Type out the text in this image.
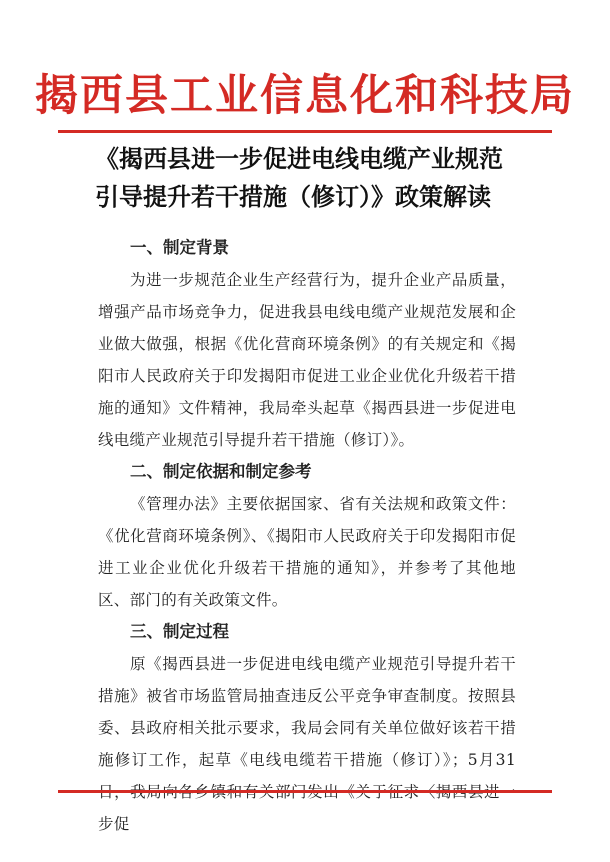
揭西县工业信息化和科技局
《揭西县进一步促进电线电缆产业规范引导提升若干措施（修订）》政策解读
一、制定背景

为进一步规范企业生产经营行为，提升企业产品质量，增强产品市场竞争力，促进我县电线电缆产业规范发展和企业做大做强，根据《优化营商环境条例》的有关规定和《揭阳市人民政府关于印发揭阳市促进工业企业优化升级若干措施的通知》文件精神，我局牵头起草《揭西县进一步促进电线电缆产业规范引导提升若干措施（修订）》。

二、制定依据和制定参考

《管理办法》主要依据国家、省有关法规和政策文件：《优化营商环境条例》、《揭阳市人民政府关于印发揭阳市促进工业企业优化升级若干措施的通知》，并参考了其他地区、部门的有关政策文件。

三、制定过程

原《揭西县进一步促进电线电缆产业规范引导提升若干措施》被省市场监管局抽查违反公平竞争审查制度。按照县委、县政府相关批示要求，我局会同有关单位做好该若干措施修订工作，起草《电线电缆若干措施（修订）》；5月31 步促
